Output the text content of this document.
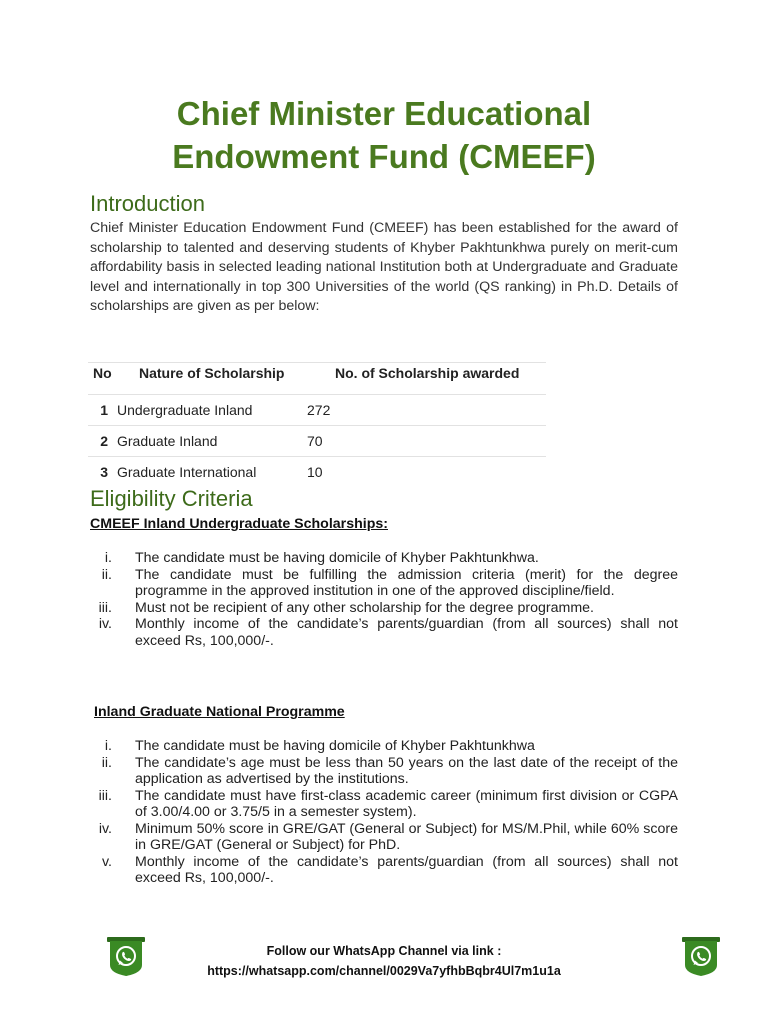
Chief Minister Educational
Endowment Fund (CMEEF)
Introduction
Chief Minister Education Endowment Fund (CMEEF) has been established for the award of scholarship to talented and deserving students of Khyber Pakhtunkhwa purely on merit-cum affordability basis in selected leading national Institution both at Undergraduate and Graduate level and internationally in top 300 Universities of the world (QS ranking) in Ph.D. Details of scholarships are given as per below:
No	Nature of Scholarship	No. of Scholarship awarded
1	Undergraduate Inland	272
2	Graduate Inland	70
3	Graduate International	10
Eligibility Criteria
CMEEF Inland Undergraduate Scholarships:
i. The candidate must be having domicile of Khyber Pakhtunkhwa.
ii. The candidate must be fulfilling the admission criteria (merit) for the degree programme in the approved institution in one of the approved discipline/field.
iii. Must not be recipient of any other scholarship for the degree programme.
iv. Monthly income of the candidate’s parents/guardian (from all sources) shall not exceed Rs, 100,000/-.
Inland Graduate National Programme
i. The candidate must be having domicile of Khyber Pakhtunkhwa
ii. The candidate’s age must be less than 50 years on the last date of the receipt of the application as advertised by the institutions.
iii. The candidate must have first-class academic career (minimum first division or CGPA of 3.00/4.00 or 3.75/5 in a semester system).
iv. Minimum 50% score in GRE/GAT (General or Subject) for MS/M.Phil, while 60% score in GRE/GAT (General or Subject) for PhD.
v. Monthly income of the candidate’s parents/guardian (from all sources) shall not exceed Rs, 100,000/-.
Follow our WhatsApp Channel via link :
https://whatsapp.com/channel/0029Va7yfhbBqbr4Ul7m1u1a
